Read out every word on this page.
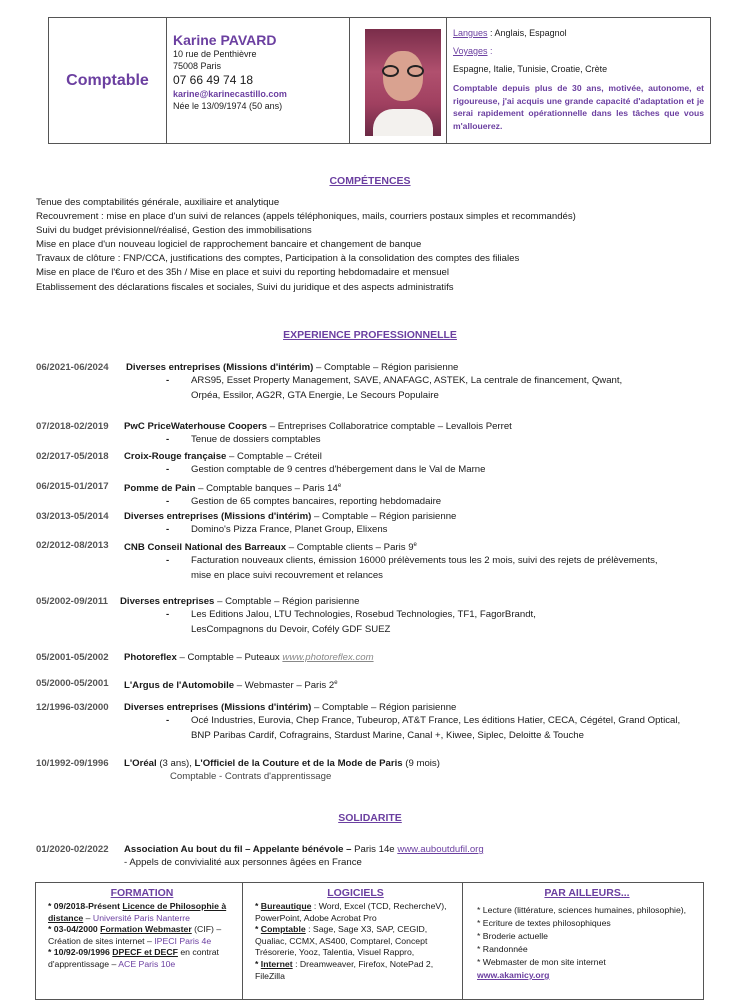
Comptable
Karine PAVARD
10 rue de Penthièvre
75008 Paris
07 66 49 74 18
karine@karinecastillo.com
Née le 13/09/1974 (50 ans)
Langues : Anglais, Espagnol
Voyages :
Espagne, Italie, Tunisie, Croatie, Crète
Comptable depuis plus de 30 ans, motivée, autonome, et rigoureuse, j'ai acquis une grande capacité d'adaptation et je serai rapidement opérationnelle dans les tâches que vous m'allouerez.
COMPÉTENCES
Tenue des comptabilités générale, auxiliaire et analytique
Recouvrement : mise en place d'un suivi de relances (appels téléphoniques, mails, courriers postaux simples et recommandés)
Suivi du budget prévisionnel/réalisé, Gestion des immobilisations
Mise en place d'un nouveau logiciel de rapprochement bancaire et changement de banque
Travaux de clôture : FNP/CCA, justifications des comptes, Participation à la consolidation des comptes des filiales
Mise en place de l'€uro et des 35h / Mise en place et suivi du reporting hebdomadaire et mensuel
Etablissement des déclarations fiscales et sociales, Suivi du juridique et des aspects administratifs
EXPERIENCE PROFESSIONNELLE
06/2021-06/2024	Diverses entreprises (Missions d'intérim) – Comptable – Région parisienne
-	ARS95, Esset Property Management, SAVE, ANAFAGC, ASTEK, La centrale de financement, Qwant,
Orpéa, Essilor, AG2R, GTA Energie, Le Secours Populaire
07/2018-02/2019	PwC PriceWaterhouse Coopers – Entreprises Collaboratrice comptable – Levallois Perret
-	Tenue de dossiers comptables
02/2017-05/2018	Croix-Rouge française – Comptable – Créteil
-	Gestion comptable de 9 centres d'hébergement dans le Val de Marne
06/2015-01/2017	Pomme de Pain – Comptable banques – Paris 14e
-	Gestion de 65 comptes bancaires, reporting hebdomadaire
03/2013-05/2014	Diverses entreprises (Missions d'intérim) – Comptable – Région parisienne
-	Domino's Pizza France, Planet Group, Elixens
02/2012-08/2013	CNB Conseil National des Barreaux – Comptable clients – Paris 9e
-	Facturation nouveaux clients, émission 16000 prélèvements tous les 2 mois, suivi des rejets de prélèvements,
mise en place suivi recouvrement et relances
05/2002-09/2011	Diverses entreprises – Comptable – Région parisienne
-	Les Editions Jalou, LTU Technologies, Rosebud Technologies, TF1, FagorBrandt,
LesCompagnons du Devoir, Cofély GDF SUEZ
05/2001-05/2002	Photoreflex – Comptable – Puteaux www.photoreflex.com
05/2000-05/2001	L'Argus de l'Automobile – Webmaster – Paris 2e
12/1996-03/2000	Diverses entreprises (Missions d'intérim) – Comptable – Région parisienne
-	Océ Industries, Eurovia, Chep France, Tubeurop, AT&T France, Les éditions Hatier, CECA, Cégétel, Grand Optical,
BNP Paribas Cardif, Cofragrains, Stardust Marine, Canal +, Kiwee, Siplec, Deloitte & Touche
10/1992-09/1996	L'Oréal (3 ans), L'Officiel de la Couture et de la Mode de Paris (9 mois)
Comptable - Contrats d'apprentissage
SOLIDARITE
01/2020-02/2022	Association Au bout du fil – Appelante bénévole – Paris 14e www.auboutdufil.org
- Appels de convivialité aux personnes âgées en France
FORMATION
* 09/2018-Présent Licence de Philosophie à distance – Université Paris Nanterre
* 03-04/2000 Formation Webmaster (CIF) – Création de sites internet – IPECI Paris 4e
* 10/92-09/1996 DPECF et DECF en contrat d'apprentissage – ACE Paris 10e
LOGICIELS
* Bureautique : Word, Excel (TCD, RechercheV), PowerPoint, Adobe Acrobat Pro
* Comptable : Sage, Sage X3, SAP, CEGID, Qualiac, CCMX, AS400, Comptarel, Concept Trésorerie, Yooz, Talentia, Visuel Rappro,
* Internet : Dreamweaver, Firefox, NotePad 2, FileZilla
PAR AILLEURS...
* Lecture (littérature, sciences humaines, philosophie),
* Ecriture de textes philosophiques
* Broderie actuelle
* Randonnée
* Webmaster de mon site internet
www.akamicy.org
